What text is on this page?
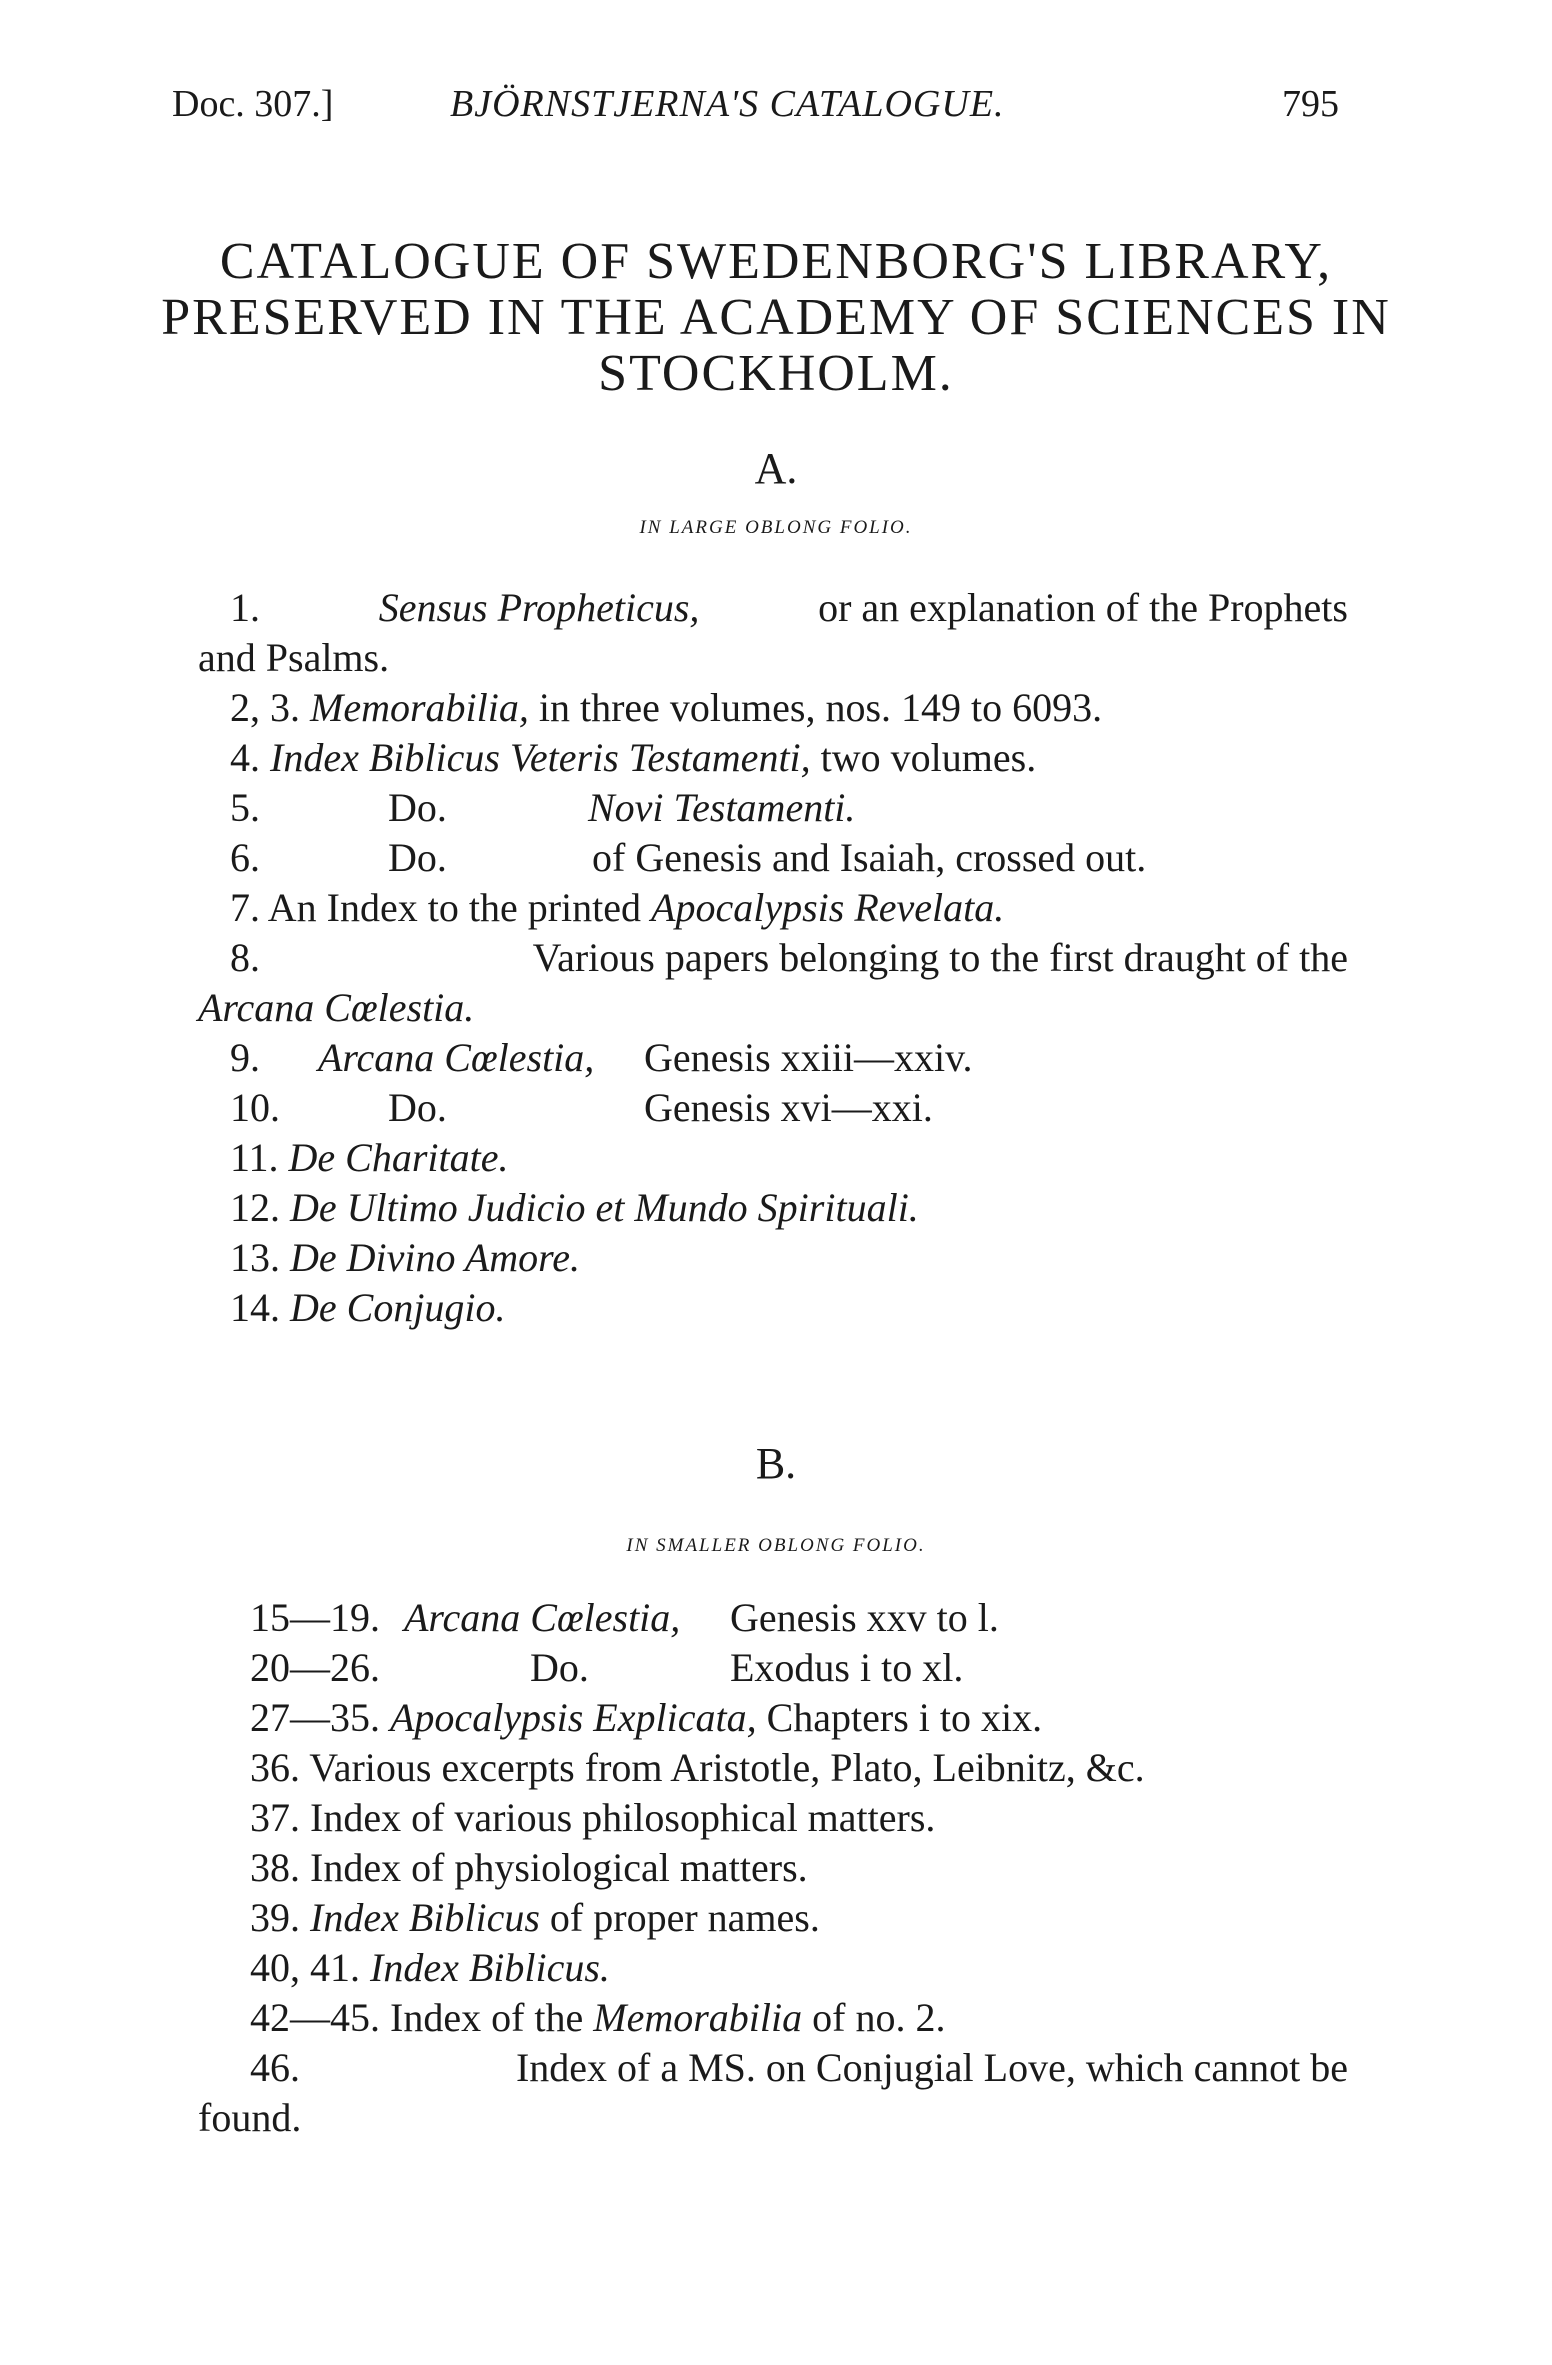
Doc. 307.]	BJÖRNSTJERNA'S CATALOGUE.	795
CATALOGUE OF SWEDENBORG'S LIBRARY,
PRESERVED IN THE ACADEMY OF SCIENCES IN
STOCKHOLM.
A.
IN LARGE OBLONG FOLIO.
1.	Sensus Propheticus,	or an explanation of the Prophets
and Psalms.
2, 3. Memorabilia, in three volumes, nos. 149 to 6093.
4. Index Biblicus Veteris Testamenti, two volumes.
5.	Do.	Novi Testamenti.
6.	Do.	of Genesis and Isaiah, crossed out.
7. An Index to the printed Apocalypsis Revelata.
8.	Various papers belonging to the first draught of the
Arcana Cœlestia.
9. Arcana Cœlestia, Genesis xxiii—xxiv.
10.	Do.	Genesis xvi—xxi.
11. De Charitate.
12. De Ultimo Judicio et Mundo Spirituali.
13. De Divino Amore.
14. De Conjugio.
B.
IN SMALLER OBLONG FOLIO.
15—19. Arcana Cœlestia, Genesis xxv to l.
20—26.	Do.	Exodus i to xl.
27—35. Apocalypsis Explicata, Chapters i to xix.
36. Various excerpts from Aristotle, Plato, Leibnitz, &c.
37. Index of various philosophical matters.
38. Index of physiological matters.
39. Index Biblicus of proper names.
40, 41. Index Biblicus.
42—45. Index of the Memorabilia of no. 2.
46.	Index of a MS. on Conjugial Love, which cannot be
found.
